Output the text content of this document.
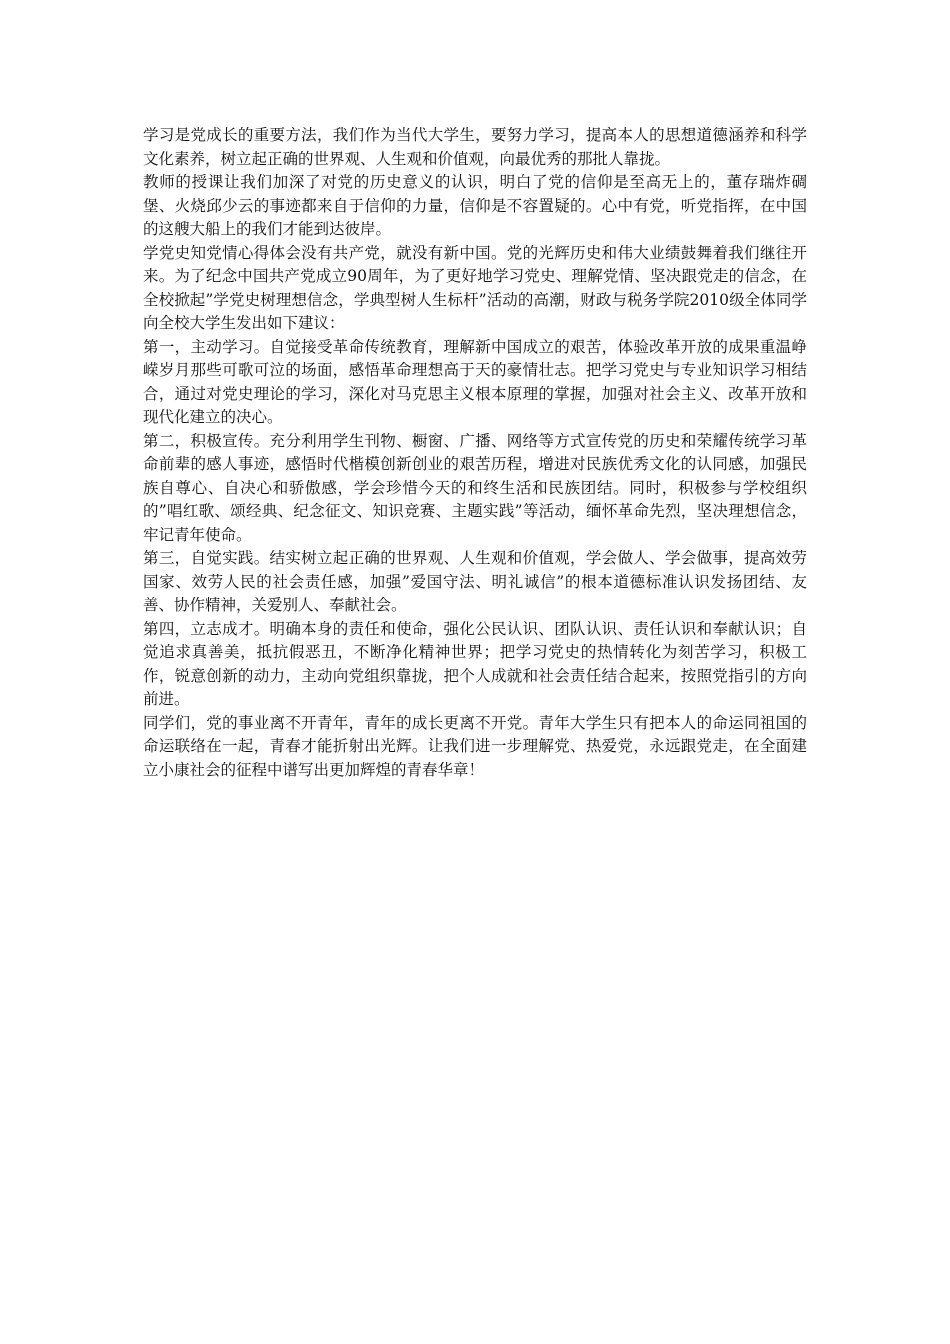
学习是党成长的重要方法，我们作为当代大学生，要努力学习，提高本人的思想道德涵养和科学文化素养，树立起正确的世界观、人生观和价值观，向最优秀的那批人靠拢。

教师的授课让我们加深了对党的历史意义的认识，明白了党的信仰是至高无上的，董存瑞炸碉堡、火烧邱少云的事迹都来自于信仰的力量，信仰是不容置疑的。心中有党，听党指挥，在中国的这艘大船上的我们才能到达彼岸。

学党史知党情心得体会没有共产党，就没有新中国。党的光辉历史和伟大业绩鼓舞着我们继往开来。为了纪念中国共产党成立90周年，为了更好地学习党史、理解党情、坚决跟党走的信念，在全校掀起”学党史树理想信念，学典型树人生标杆”活动的高潮，财政与税务学院2010级全体同学向全校大学生发出如下建议：

第一，主动学习。自觉接受革命传统教育，理解新中国成立的艰苦，体验改革开放的成果重温峥嵘岁月那些可歌可泣的场面，感悟革命理想高于天的豪情壮志。把学习党史与专业知识学习相结合，通过对党史理论的学习，深化对马克思主义根本原理的掌握，加强对社会主义、改革开放和现代化建立的决心。

第二，积极宣传。充分利用学生刊物、橱窗、广播、网络等方式宣传党的历史和荣耀传统学习革命前辈的感人事迹，感悟时代楷模创新创业的艰苦历程，增进对民族优秀文化的认同感，加强民族自尊心、自决心和骄傲感，学会珍惜今天的和终生活和民族团结。同时，积极参与学校组织的”唱红歌、颂经典、纪念征文、知识竞赛、主题实践”等活动，缅怀革命先烈，坚决理想信念，牢记青年使命。

第三，自觉实践。结实树立起正确的世界观、人生观和价值观，学会做人、学会做事，提高效劳国家、效劳人民的社会责任感，加强”爱国守法、明礼诚信”的根本道德标准认识发扬团结、友善、协作精神，关爱别人、奉献社会。

第四，立志成才。明确本身的责任和使命，强化公民认识、团队认识、责任认识和奉献认识；自觉追求真善美，抵抗假恶丑，不断净化精神世界；把学习党史的热情转化为刻苦学习，积极工作，锐意创新的动力，主动向党组织靠拢，把个人成就和社会责任结合起来，按照党指引的方向前进。

同学们，党的事业离不开青年，青年的成长更离不开党。青年大学生只有把本人的命运同祖国的命运联络在一起，青春才能折射出光辉。让我们进一步理解党、热爱党，永远跟党走，在全面建立小康社会的征程中谱写出更加辉煌的青春华章！
